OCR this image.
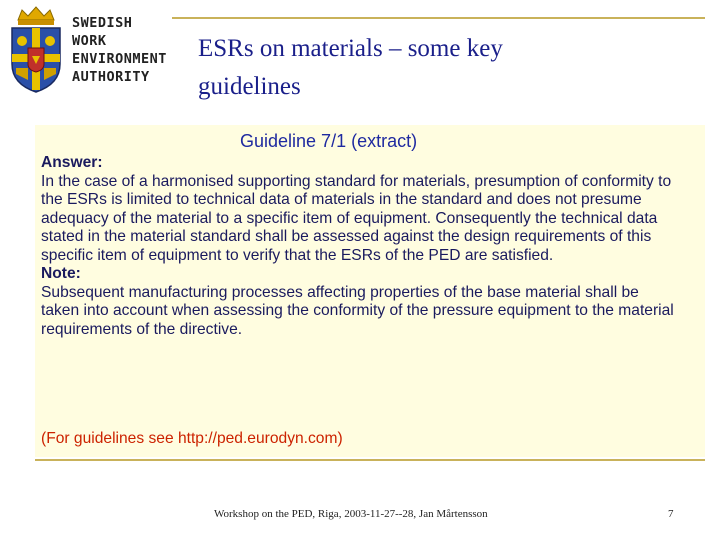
SWEDISH
WORK
ENVIRONMENT
AUTHORITY
ESRs on materials – some key
guidelines
Guideline 7/1 (extract)

Answer:

In the case of a harmonised supporting standard for materials, presumption of conformity to the ESRs is limited to technical data of materials in the standard and does not presume adequacy of the material to a specific item of equipment. Consequently the technical data stated in the material standard shall be assessed against the design requirements of this specific item of equipment to verify that the ESRs of the PED are satisfied.

Note:

Subsequent manufacturing processes affecting properties of the base material shall be taken into account when assessing the conformity of the pressure equipment to the material requirements of the directive.

(For guidelines see http://ped.eurodyn.com)
Workshop on the PED, Riga, 2003-11-27--28, Jan Mårtensson	7
